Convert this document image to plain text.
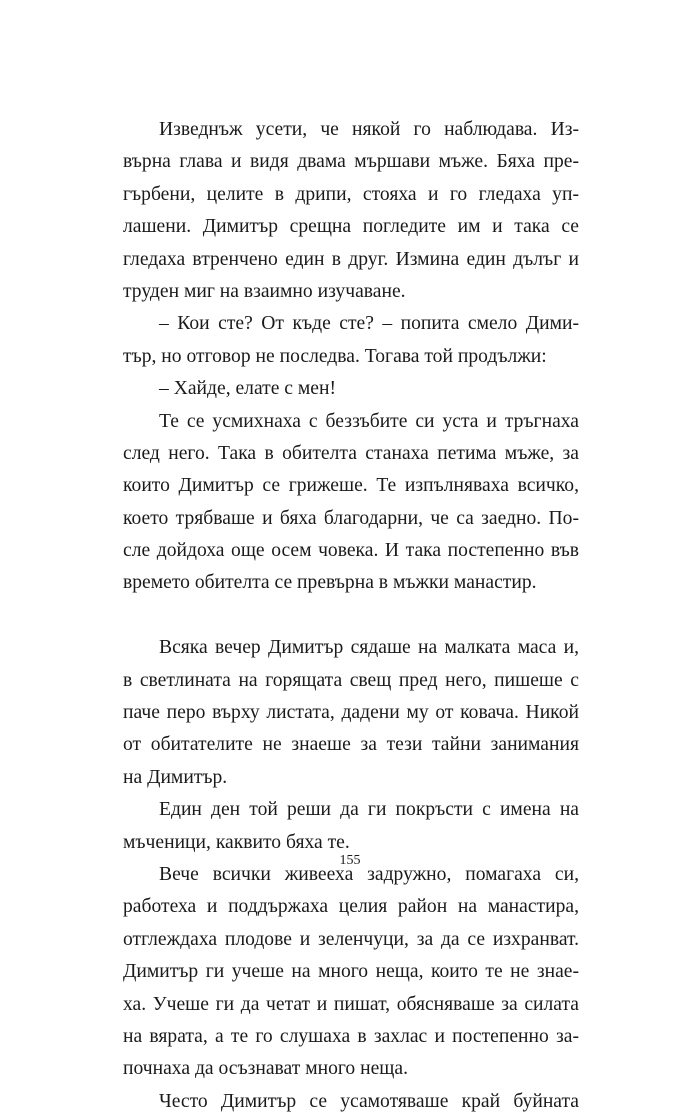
Изведнъж усети, че някой го наблюдава. Из-
върна глава и видя двама мършави мъже. Бяха пре-
гърбени, целите в дрипи, стояха и го гледаха уп-
лашени. Димитър срещна погледите им и така се
гледаха втренчено един в друг. Измина един дълъг и
труден миг на взаимно изучаване.
– Кои сте? От къде сте? – попита смело Дими-
тър, но отговор не последва. Тогава той продължи:
– Хайде, елате с мен!
Те се усмихнаха с беззъбите си уста и тръгнаха
след него. Така в обителта станаха петима мъже, за
които Димитър се грижеше. Те изпълняваха всичко,
което трябваше и бяха благодарни, че са заедно. По-
сле дойдоха още осем човека. И така постепенно във
времето обителта се превърна в мъжки манастир.
Всяка вечер Димитър сядаше на малката маса и,
в светлината на горящата свещ пред него, пишеше с
паче перо върху листата, дадени му от ковача. Никой
от обитателите не знаеше за тези тайни занимания
на Димитър.
Един ден той реши да ги покръсти с имена на
мъченици, каквито бяха те.
Вече всички живееха задружно, помагаха си,
работеха и поддържаха целия район на манастира,
отглеждаха плодове и зеленчуци, за да се изхранват.
Димитър ги учеше на много неща, които те не знае-
ха. Учеше ги да четат и пишат, обясняваше за силата
на вярата, а те го слушаха в захлас и постепенно за-
почнаха да осъзнават много неща.
Често Димитър се усамотяваше край буйната
155
